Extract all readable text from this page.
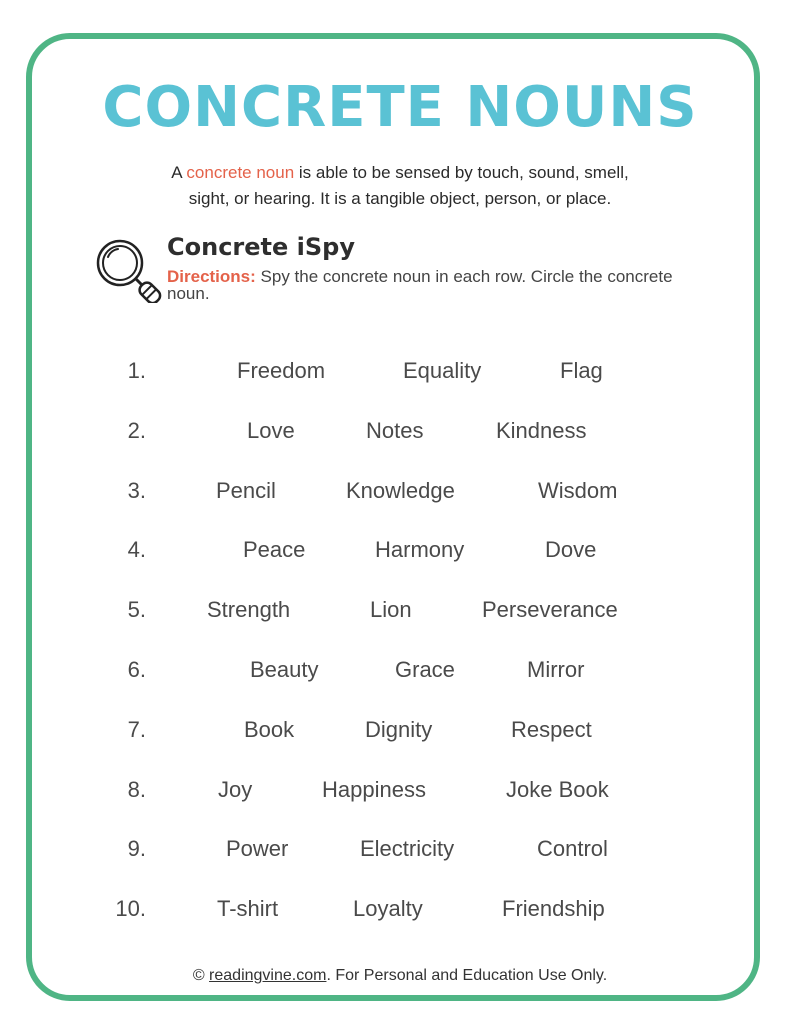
CONCRETE NOUNS

A concrete noun is able to be sensed by touch, sound, smell,
sight, or hearing. It is a tangible object, person, or place.

Concrete iSpy

Directions: Spy the concrete noun in each row. Circle the concrete noun.

1.	Freedom	Equality	Flag
2.	Love	Notes	Kindness
3.	Pencil	Knowledge	Wisdom
4.	Peace	Harmony	Dove
5.	Strength	Lion	Perseverance
6.	Beauty	Grace	Mirror
7.	Book	Dignity	Respect
8.	Joy	Happiness	Joke Book
9.	Power	Electricity	Control
10.	T-shirt	Loyalty	Friendship
© readingvine.com. For Personal and Education Use Only.
